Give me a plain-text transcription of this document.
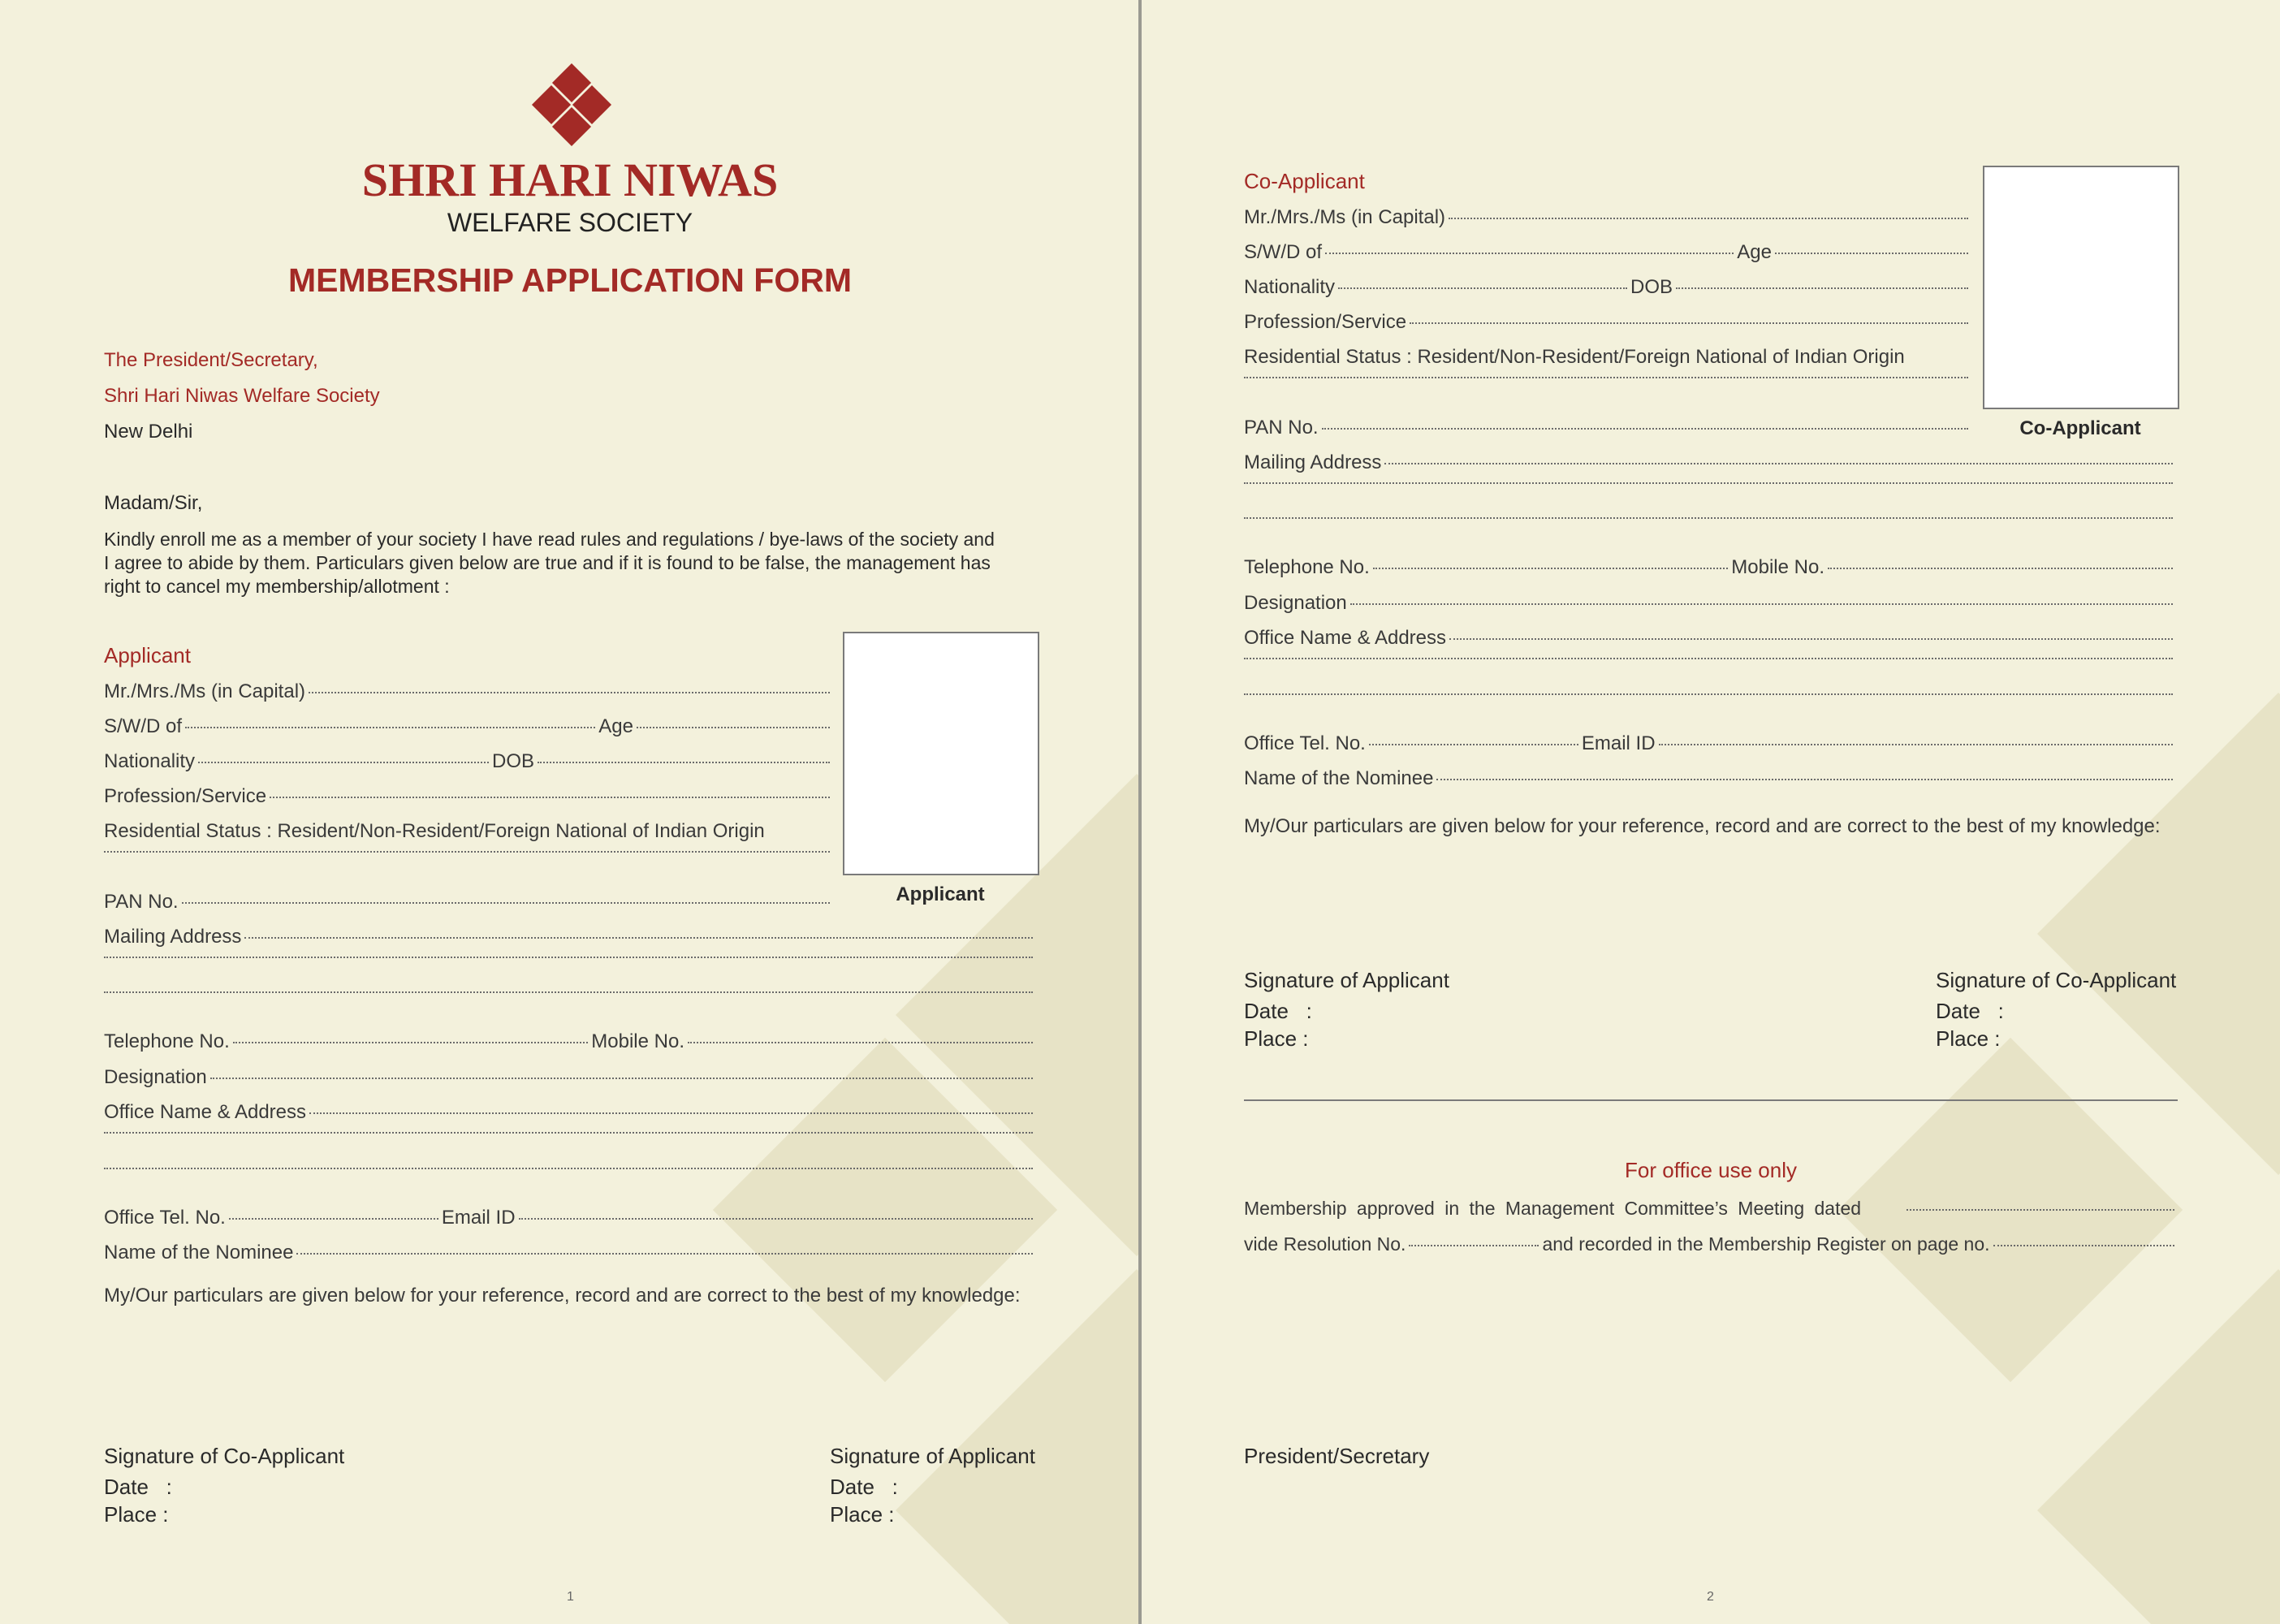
SHRI HARI NIWAS
WELFARE SOCIETY
MEMBERSHIP APPLICATION FORM
The President/Secretary,
Shri Hari Niwas Welfare Society
New Delhi
Madam/Sir,
Kindly enroll me as a member of your society I have read rules and regulations / bye-laws of the society and
I agree to abide by them. Particulars given below are true and if it is found to be false, the management has
right to cancel my membership/allotment :
Applicant
Applicant
Mr./Mrs./Ms (in Capital)
S/W/D of	Age
Nationality	DOB
Profession/Service
Residential Status : Resident/Non-Resident/Foreign National of Indian Origin
PAN No.
Mailing Address
Telephone No.	Mobile No.
Designation
Office Name & Address
Office Tel. No.	Email ID
Name of the Nominee
My/Our particulars are given below for your reference, record and are correct to the best of my knowledge:
Signature of Co-Applicant
Date   :
Place :
Signature of Applicant
Date   :
Place :
1
Co-Applicant
Co-Applicant
Mr./Mrs./Ms (in Capital)
S/W/D of	Age
Nationality	DOB
Profession/Service
Residential Status : Resident/Non-Resident/Foreign National of Indian Origin
PAN No.
Mailing Address
Telephone No.	Mobile No.
Designation
Office Name & Address
Office Tel. No.	Email ID
Name of the Nominee
My/Our particulars are given below for your reference, record and are correct to the best of my knowledge:
Signature of Applicant
Date   :
Place :
Signature of Co-Applicant
Date   :
Place :
For office use only
Membership approved in the Management Committee’s Meeting dated
vide Resolution No.	and recorded in the Membership Register on page no.
President/Secretary
2
